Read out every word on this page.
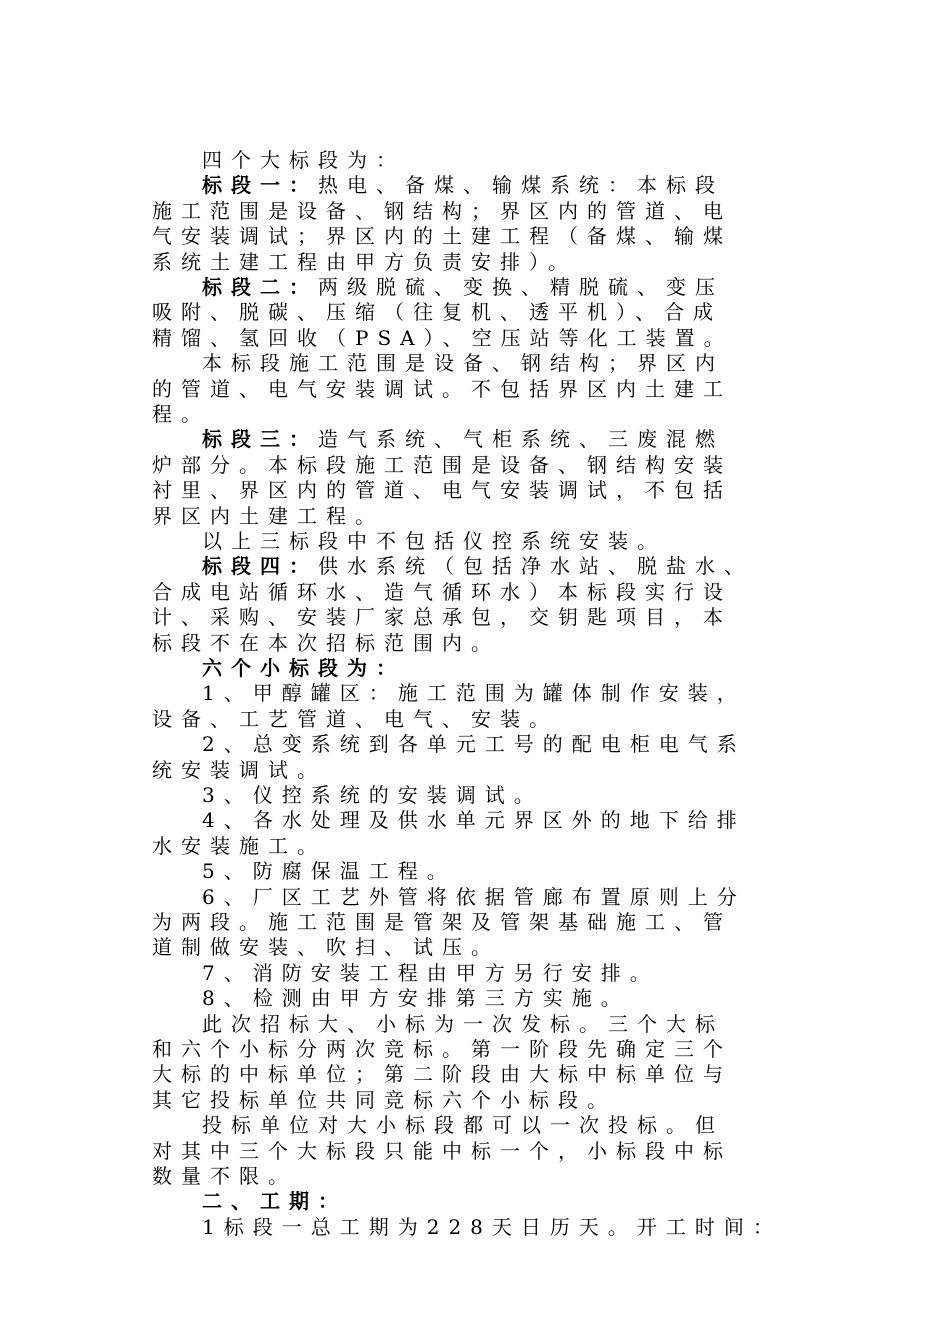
四个大标段为：
标段一：热电、备煤、输煤系统：本标段
施工范围是设备、钢结构；界区内的管道、电
气安装调试；界区内的土建工程（备煤、输煤
系统土建工程由甲方负责安排）。
标段二：两级脱硫、变换、精脱硫、变压
吸附、脱碳、压缩（往复机、透平机）、合成
精馏、氢回收（PSA）、空压站等化工装置。
本标段施工范围是设备、钢结构；界区内
的管道、电气安装调试。不包括界区内土建工
程。
标段三：造气系统、气柜系统、三废混燃
炉部分。本标段施工范围是设备、钢结构安装
衬里、界区内的管道、电气安装调试，不包括
界区内土建工程。
以上三标段中不包括仪控系统安装。
标段四：供水系统（包括净水站、脱盐水、
合成电站循环水、造气循环水）本标段实行设
计、采购、安装厂家总承包，交钥匙项目，本
标段不在本次招标范围内。
六个小标段为：
1、甲醇罐区：施工范围为罐体制作安装，
设备、工艺管道、电气、安装。
2、总变系统到各单元工号的配电柜电气系
统安装调试。
3、仪控系统的安装调试。
4、各水处理及供水单元界区外的地下给排
水安装施工。
5、防腐保温工程。
6、厂区工艺外管将依据管廊布置原则上分
为两段。施工范围是管架及管架基础施工、管
道制做安装、吹扫、试压。
7、消防安装工程由甲方另行安排。
8、检测由甲方安排第三方实施。
此次招标大、小标为一次发标。三个大标
和六个小标分两次竞标。第一阶段先确定三个
大标的中标单位；第二阶段由大标中标单位与
其它投标单位共同竞标六个小标段。
投标单位对大小标段都可以一次投标。但
对其中三个大标段只能中标一个，小标段中标
数量不限。
二、工期：
1标段一总工期为228天日历天。开工时间：
